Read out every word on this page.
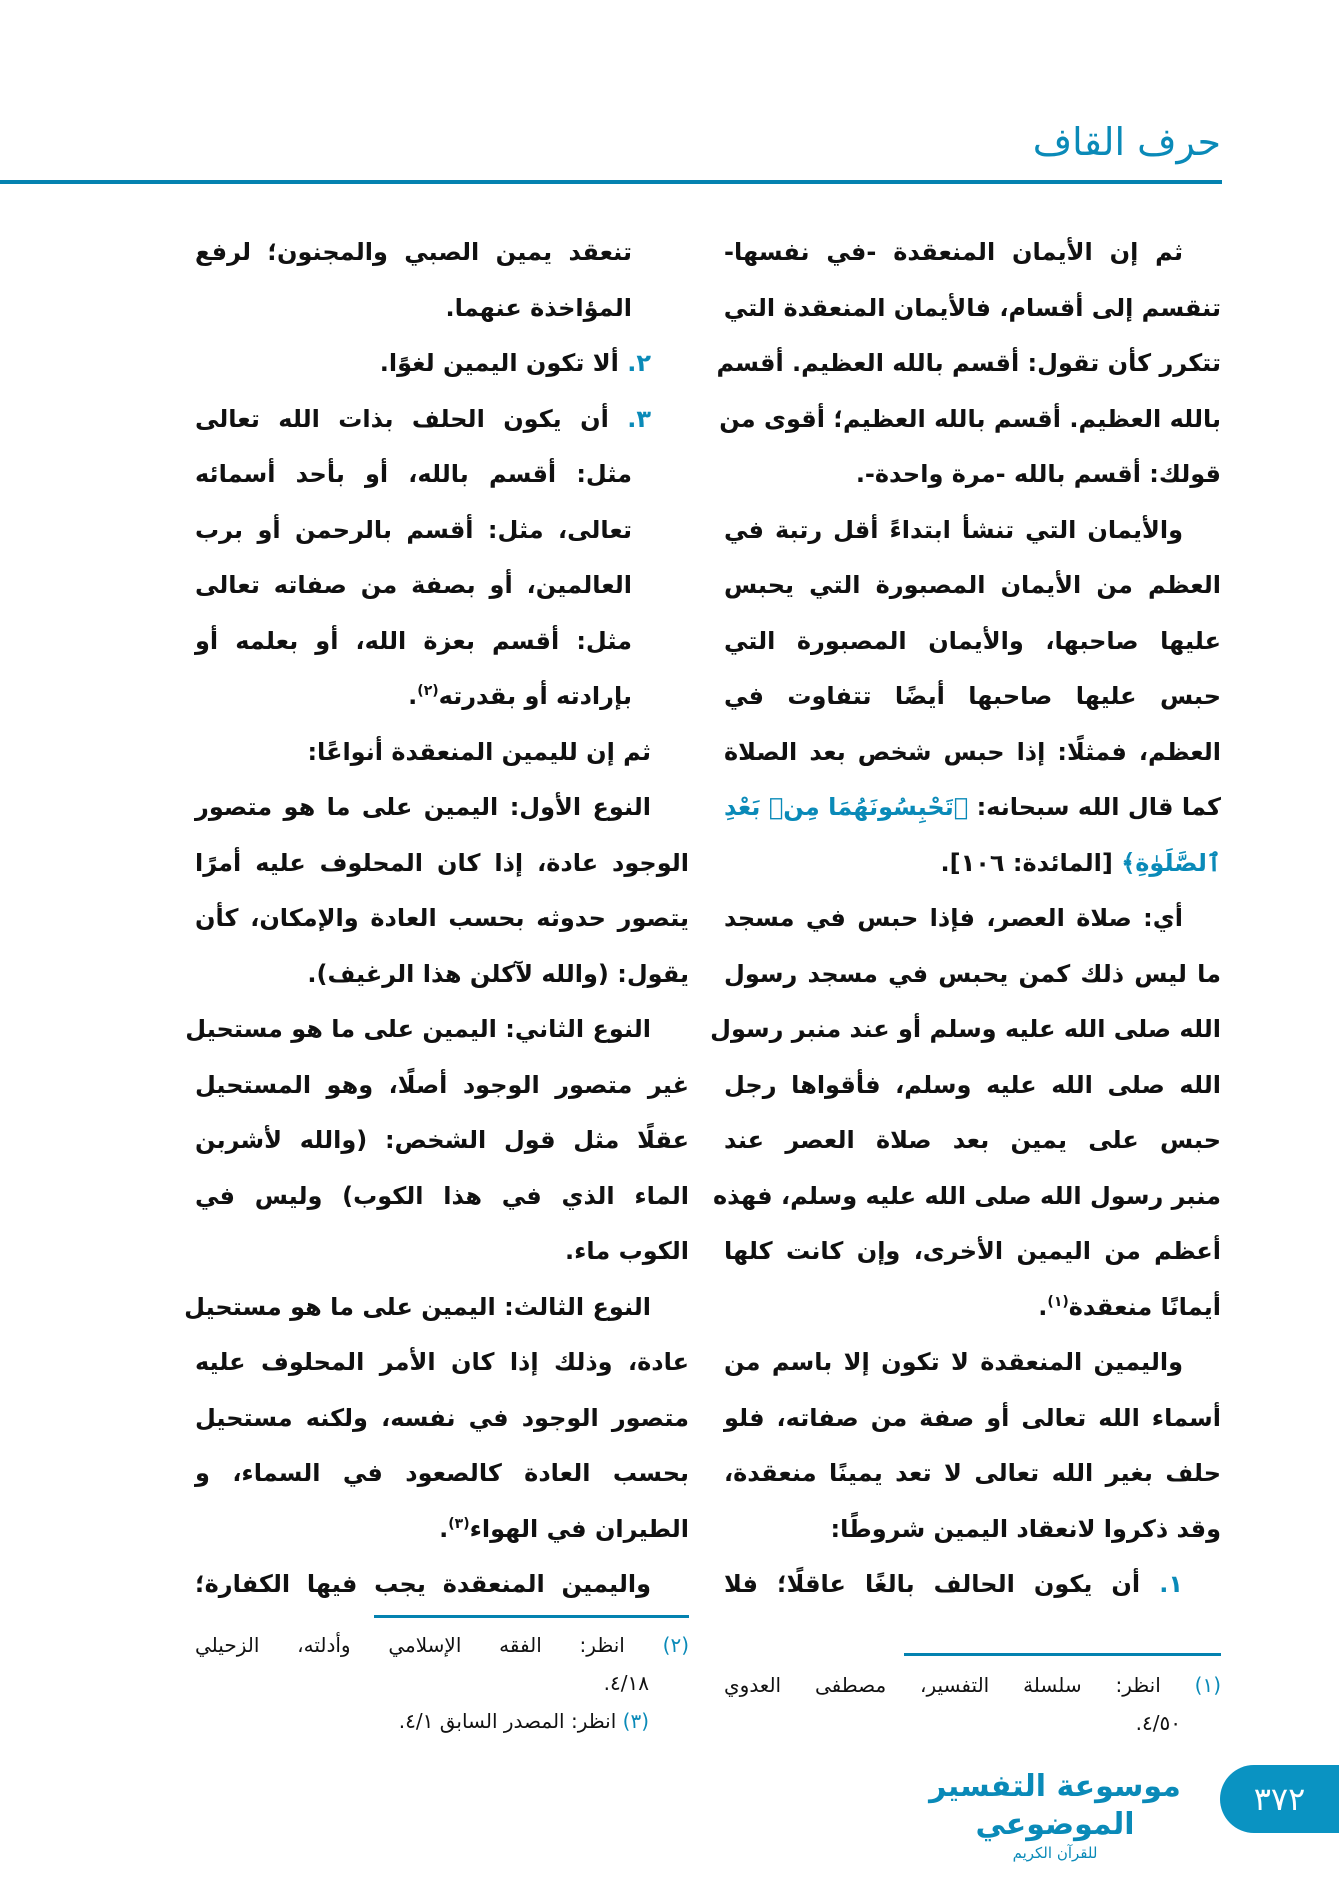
حرف القاف
ثم إن الأيمان المنعقدة -في نفسها-
تنقسم إلى أقسام، فالأيمان المنعقدة التي
تتكرر كأن تقول: أقسم بالله العظيم. أقسم
بالله العظيم. أقسم بالله العظيم؛ أقوى من
قولك: أقسم بالله -مرة واحدة-.
والأيمان التي تنشأ ابتداءً أقل رتبة في
العظم من الأيمان المصبورة التي يحبس
عليها صاحبها، والأيمان المصبورة التي
حبس عليها صاحبها أيضًا تتفاوت في
العظم، فمثلًا: إذا حبس شخص بعد الصلاة
كما قال الله سبحانه: ﴿تَحْبِسُونَهُمَا مِنۢ بَعْدِ
ٱلصَّلَوٰةِ﴾ [المائدة: ١٠٦].
أي: صلاة العصر، فإذا حبس في مسجد
ما ليس ذلك كمن يحبس في مسجد رسول
الله صلى الله عليه وسلم أو عند منبر رسول
الله صلى الله عليه وسلم، فأقواها رجل
حبس على يمين بعد صلاة العصر عند
منبر رسول الله صلى الله عليه وسلم، فهذه
أعظم من اليمين الأخرى، وإن كانت كلها
أيمانًا منعقدة$^{(١)}$.
واليمين المنعقدة لا تكون إلا باسم من
أسماء الله تعالى أو صفة من صفاته، فلو
حلف بغير الله تعالى لا تعد يمينًا منعقدة،
وقد ذكروا لانعقاد اليمين شروطًا:
١. أن يكون الحالف بالغًا عاقلًا؛ فلا
تنعقد يمين الصبي والمجنون؛ لرفع
المؤاخذة عنهما.
٢. ألا تكون اليمين لغوًا.
٣. أن يكون الحلف بذات الله تعالى
مثل: أقسم بالله، أو بأحد أسمائه
تعالى، مثل: أقسم بالرحمن أو برب
العالمين، أو بصفة من صفاته تعالى
مثل: أقسم بعزة الله، أو بعلمه أو
بإرادته أو بقدرته$^{(٢)}$.
ثم إن لليمين المنعقدة أنواعًا:
النوع الأول: اليمين على ما هو متصور
الوجود عادة، إذا كان المحلوف عليه أمرًا
يتصور حدوثه بحسب العادة والإمكان، كأن
يقول: (والله لآكلن هذا الرغيف).
النوع الثاني: اليمين على ما هو مستحيل
غير متصور الوجود أصلًا، وهو المستحيل
عقلًا مثل قول الشخص: (والله لأشربن
الماء الذي في هذا الكوب) وليس في
الكوب ماء.
النوع الثالث: اليمين على ما هو مستحيل
عادة، وذلك إذا كان الأمر المحلوف عليه
متصور الوجود في نفسه، ولكنه مستحيل
بحسب العادة كالصعود في السماء، و
الطيران في الهواء$^{(٣)}$.
واليمين المنعقدة يجب فيها الكفارة؛
(١) انظر: سلسلة التفسير، مصطفى العدوي
٤/٥٠.
(٢) انظر: الفقه الإسلامي وأدلته، الزحيلي
٤/١٨.
(٣) انظر: المصدر السابق ٤/١.
موسوعة التفسير الموضوعي
للقرآن الكريم
٣٧٢
